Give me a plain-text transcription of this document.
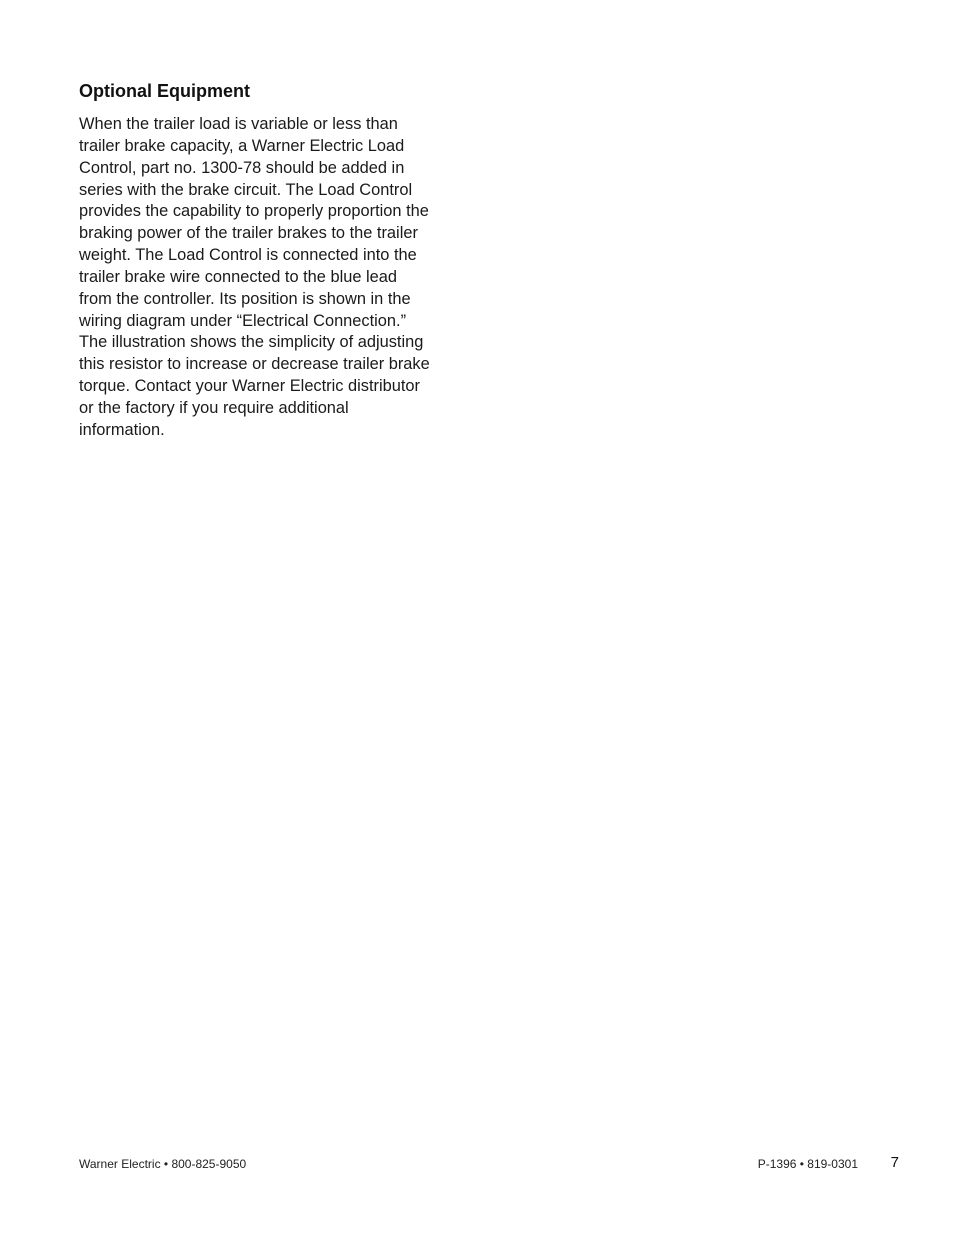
Optional Equipment

When the trailer load is variable or less than
trailer brake capacity, a Warner Electric Load
Control, part no. 1300-78 should be added in
series with the brake circuit. The Load Control
provides the capability to properly proportion the
braking power of the trailer brakes to the trailer
weight. The Load Control is connected into the
trailer brake wire connected to the blue lead
from the controller. Its position is shown in the
wiring diagram under “Electrical Connection.”
The illustration shows the simplicity of adjusting
this resistor to increase or decrease trailer brake
torque. Contact your Warner Electric distributor
or the factory if you require additional
information.

Warner Electric • 800-825-9050	P-1396 • 819-0301 7
